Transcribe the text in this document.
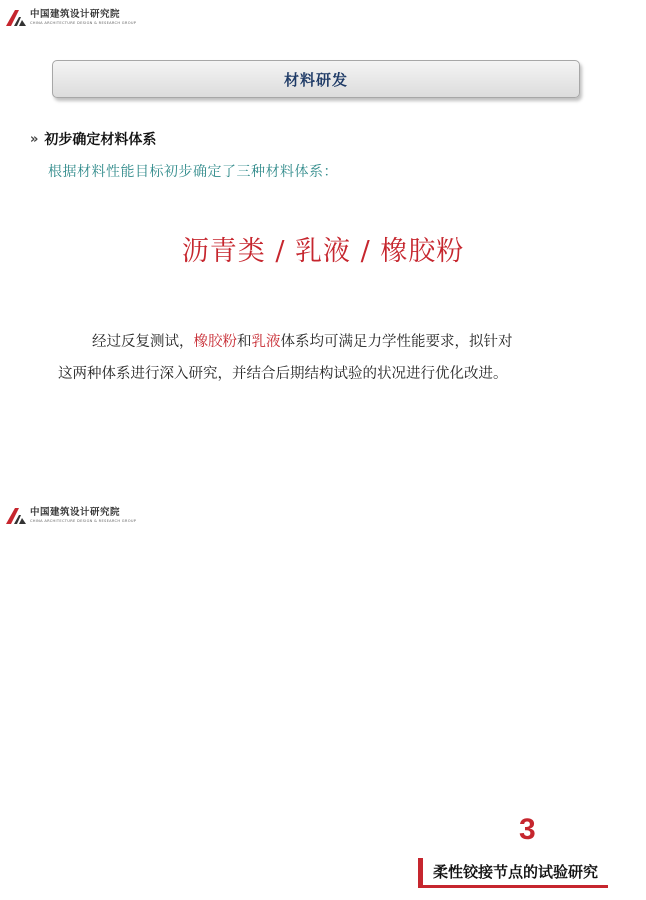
中国建筑设计研究院
CHINA ARCHITECTURE DESIGN & RESEARCH GROUP
材料研发
» 初步确定材料体系
根据材料性能目标初步确定了三种材料体系：
沥青类 / 乳液 / 橡胶粉
经过反复测试，橡胶粉和乳液体系均可满足力学性能要求，拟针对
这两种体系进行深入研究，并结合后期结构试验的状况进行优化改进。
中国建筑设计研究院
CHINA ARCHITECTURE DESIGN & RESEARCH GROUP
3
柔性铰接节点的试验研究
